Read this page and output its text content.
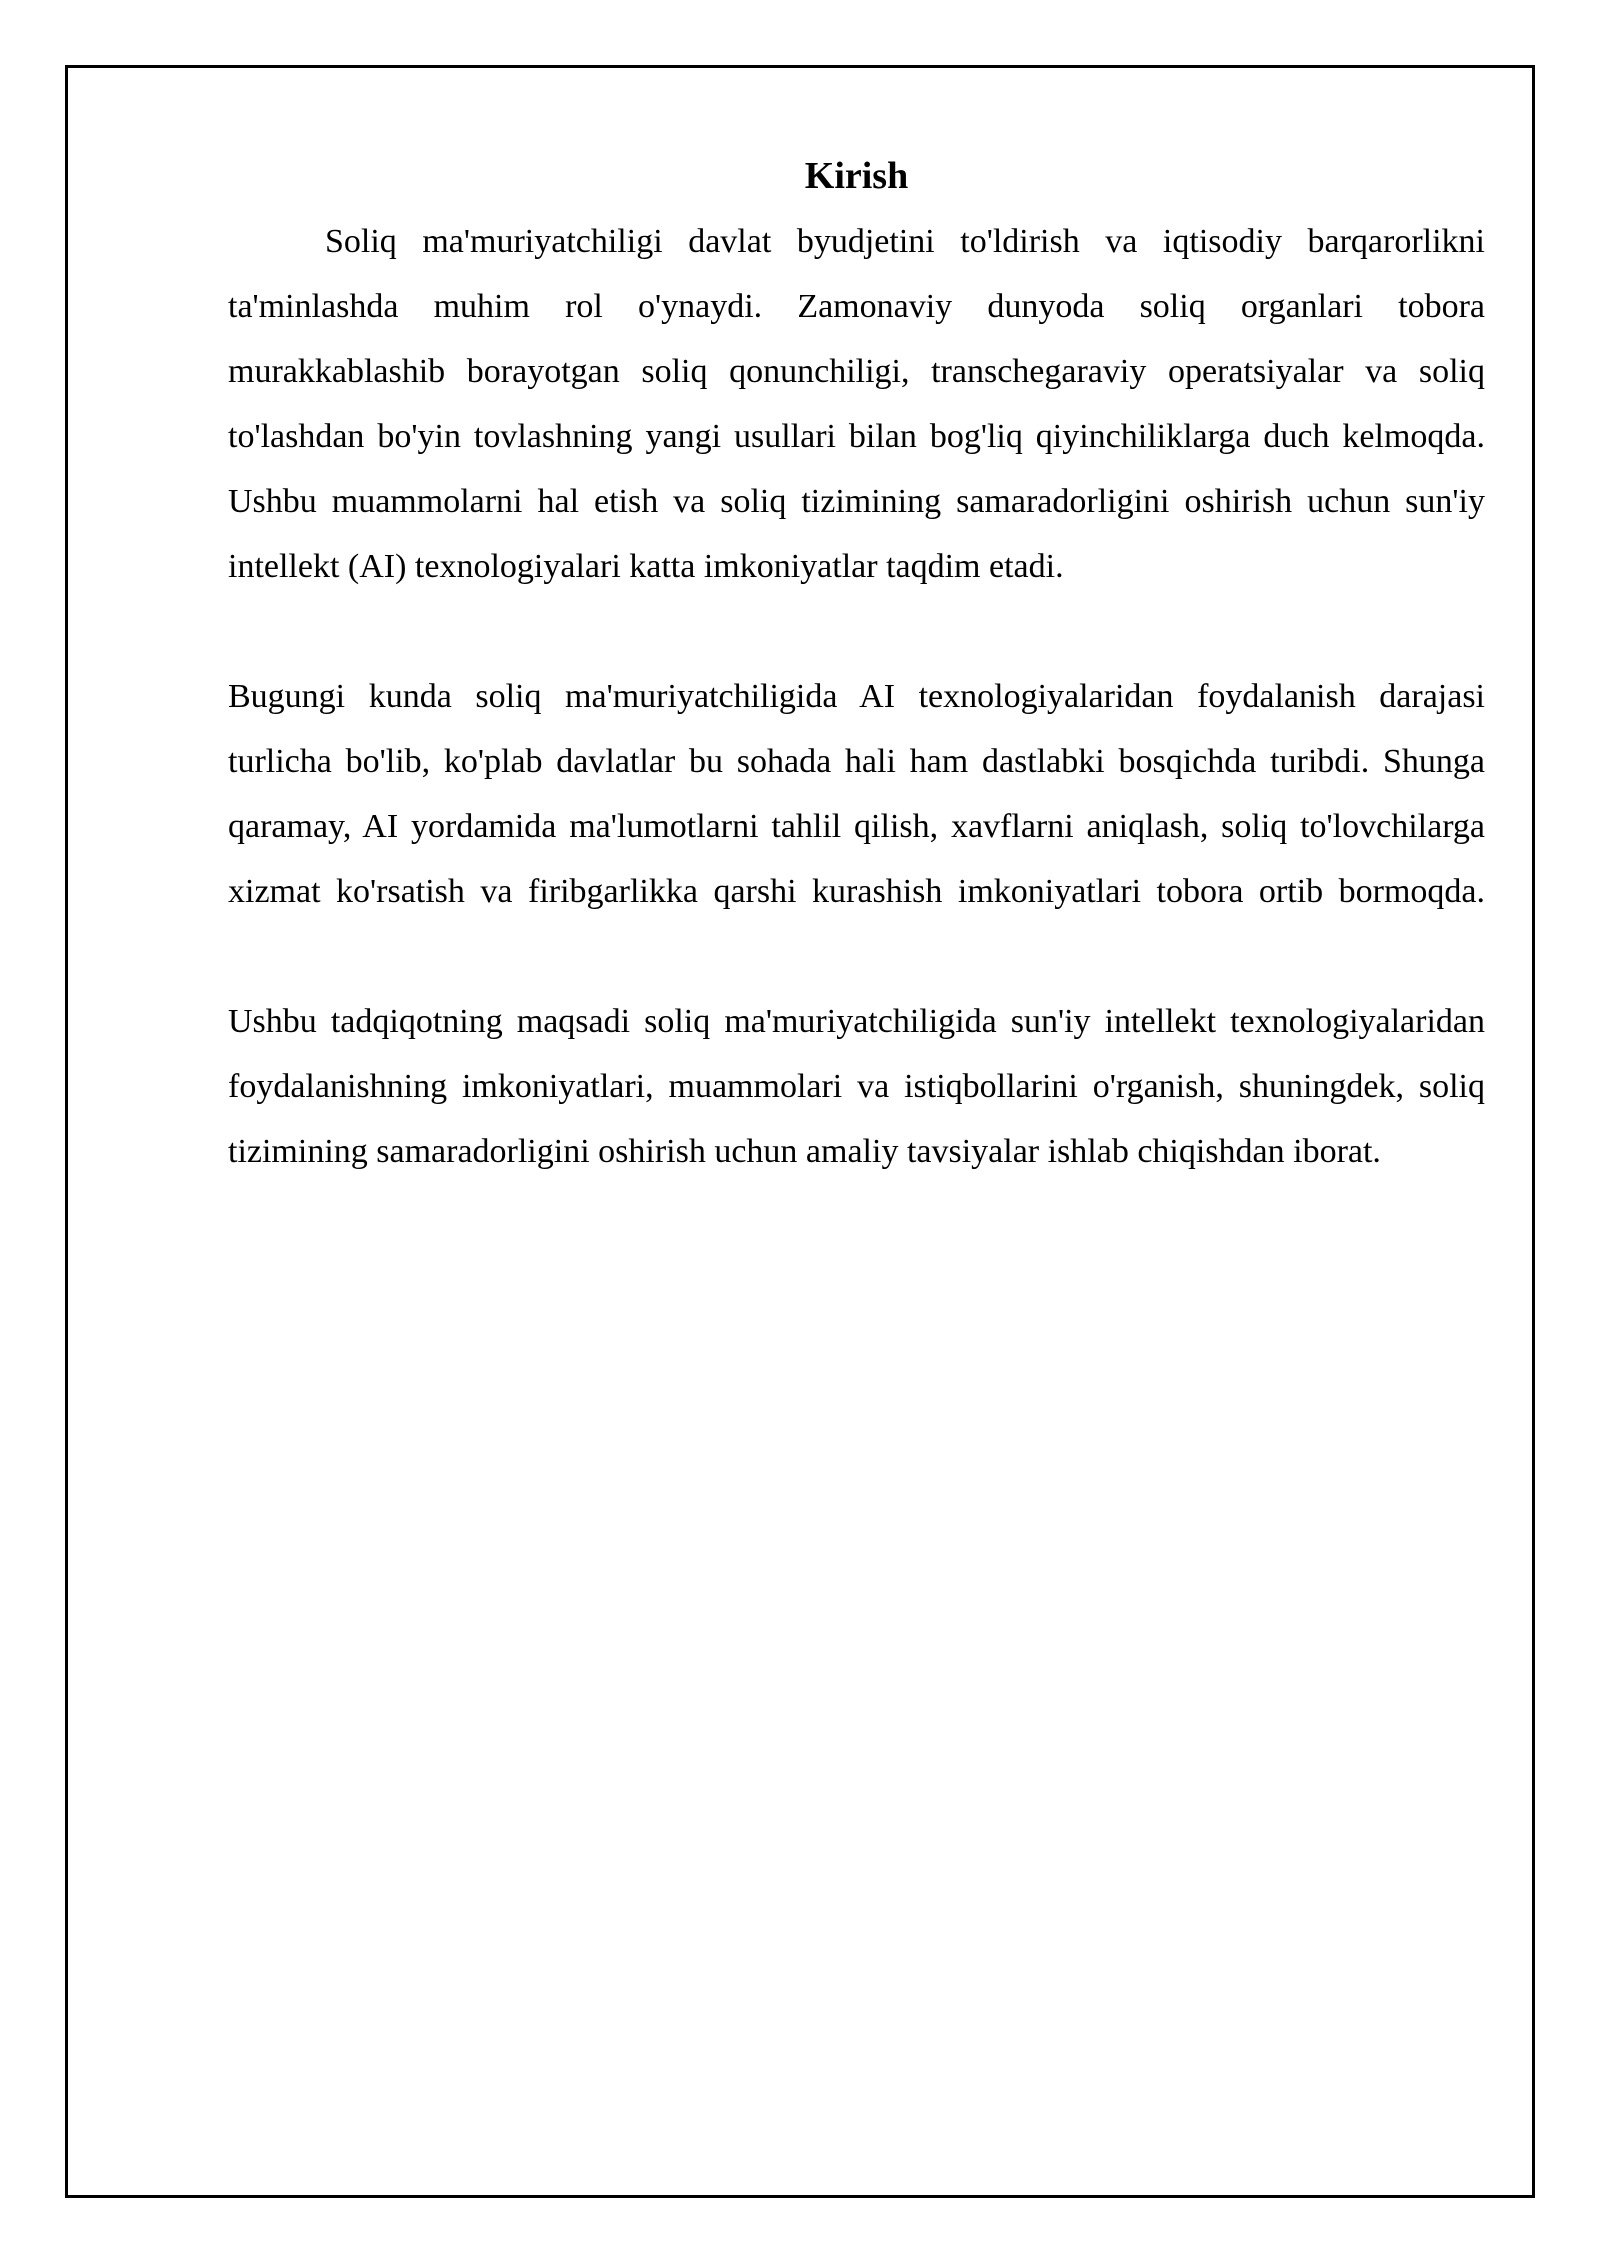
Kirish

Soliq ma'muriyatchiligi davlat byudjetini to'ldirish va iqtisodiy barqarorlikni ta'minlashda muhim rol o'ynaydi. Zamonaviy dunyoda soliq organlari tobora murakkablashib borayotgan soliq qonunchiligi, transchegaraviy operatsiyalar va soliq to'lashdan bo'yin tovlashning yangi usullari bilan bog'liq qiyinchiliklarga duch kelmoqda. Ushbu muammolarni hal etish va soliq tizimining samaradorligini oshirish uchun sun'iy intellekt (AI) texnologiyalari katta imkoniyatlar taqdim etadi.

Bugungi kunda soliq ma'muriyatchiligida AI texnologiyalaridan foydalanish darajasi turlicha bo'lib, ko'plab davlatlar bu sohada hali ham dastlabki bosqichda turibdi. Shunga qaramay, AI yordamida ma'lumotlarni tahlil qilish, xavflarni aniqlash, soliq to'lovchilarga xizmat ko'rsatish va firibgarlikka qarshi kurashish imkoniyatlari tobora ortib bormoqda.

Ushbu tadqiqotning maqsadi soliq ma'muriyatchiligida sun'iy intellekt texnologiyalaridan foydalanishning imkoniyatlari, muammolari va istiqbollarini o'rganish, shuningdek, soliq tizimining samaradorligini oshirish uchun amaliy tavsiyalar ishlab chiqishdan iborat.
